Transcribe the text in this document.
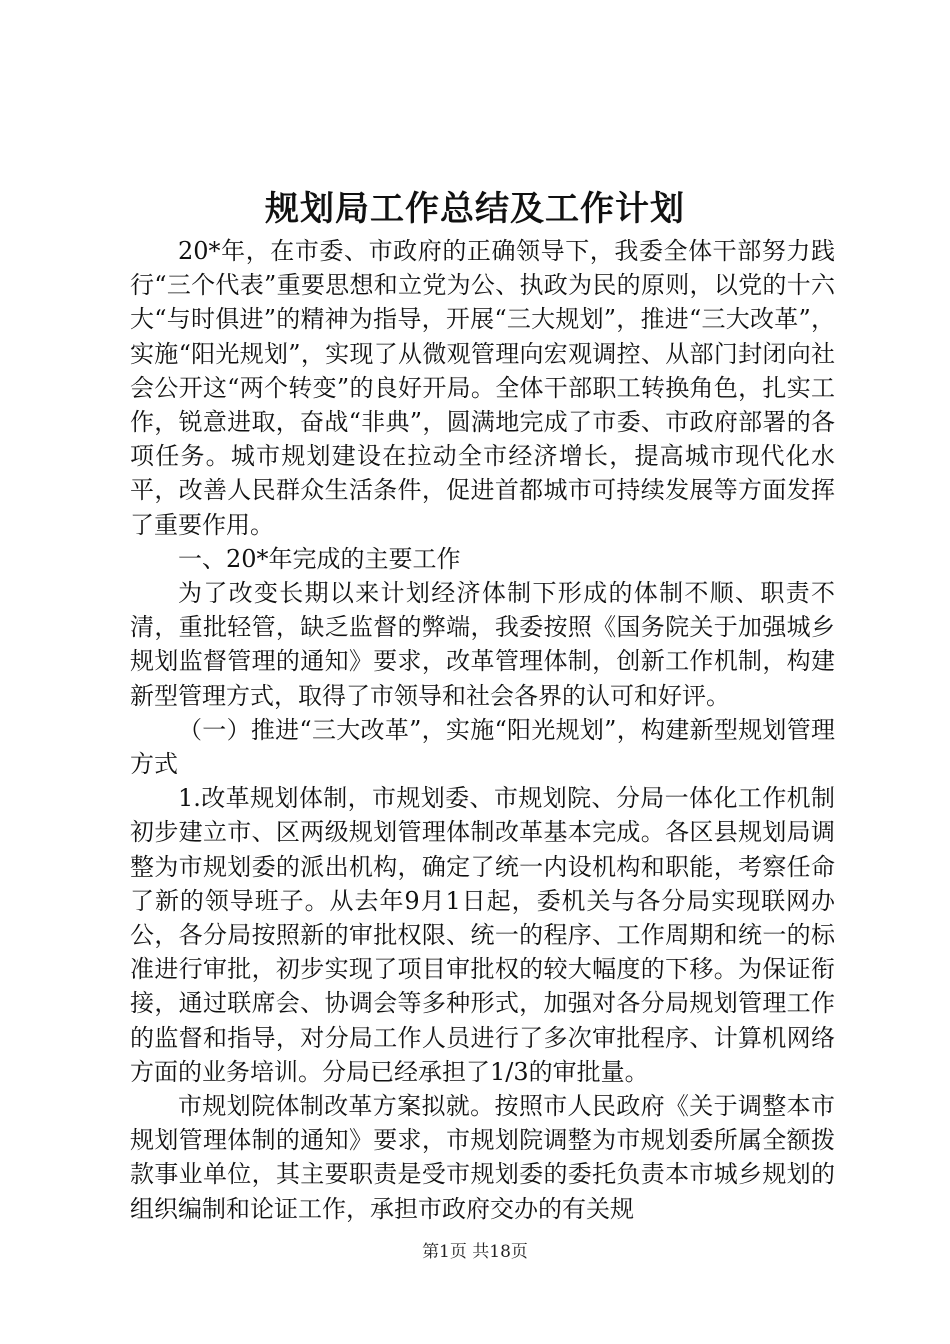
规划局工作总结及工作计划

20*年，在市委、市政府的正确领导下，我委全体干部努力践行“三个代表”重要思想和立党为公、执政为民的原则，以党的十六大“与时俱进”的精神为指导，开展“三大规划”，推进“三大改革”，实施“阳光规划”，实现了从微观管理向宏观调控、从部门封闭向社会公开这“两个转变”的良好开局。全体干部职工转换角色，扎实工作，锐意进取，奋战“非典”，圆满地完成了市委、市政府部署的各项任务。城市规划建设在拉动全市经济增长，提高城市现代化水平，改善人民群众生活条件，促进首都城市可持续发展等方面发挥了重要作用。

一、20*年完成的主要工作

为了改变长期以来计划经济体制下形成的体制不顺、职责不清，重批轻管，缺乏监督的弊端，我委按照《国务院关于加强城乡规划监督管理的通知》要求，改革管理体制，创新工作机制，构建新型管理方式，取得了市领导和社会各界的认可和好评。

（一）推进“三大改革”，实施“阳光规划”，构建新型规划管理方式

1.改革规划体制，市规划委、市规划院、分局一体化工作机制初步建立市、区两级规划管理体制改革基本完成。各区县规划局调整为市规划委的派出机构，确定了统一内设机构和职能，考察任命了新的领导班子。从去年9月1日起，委机关与各分局实现联网办公，各分局按照新的审批权限、统一的程序、工作周期和统一的标准进行审批，初步实现了项目审批权的较大幅度的下移。为保证衔接，通过联席会、协调会等多种形式，加强对各分局规划管理工作的监督和指导，对分局工作人员进行了多次审批程序、计算机网络方面的业务培训。分局已经承担了1/3的审批量。

市规划院体制改革方案拟就。按照市人民政府《关于调整本市规划管理体制的通知》要求，市规划院调整为市规划委所属全额拨款事业单位，其主要职责是受市规划委的委托负责本市城乡规划的组织编制和论证工作，承担市政府交办的有关规

第1页 共18页
